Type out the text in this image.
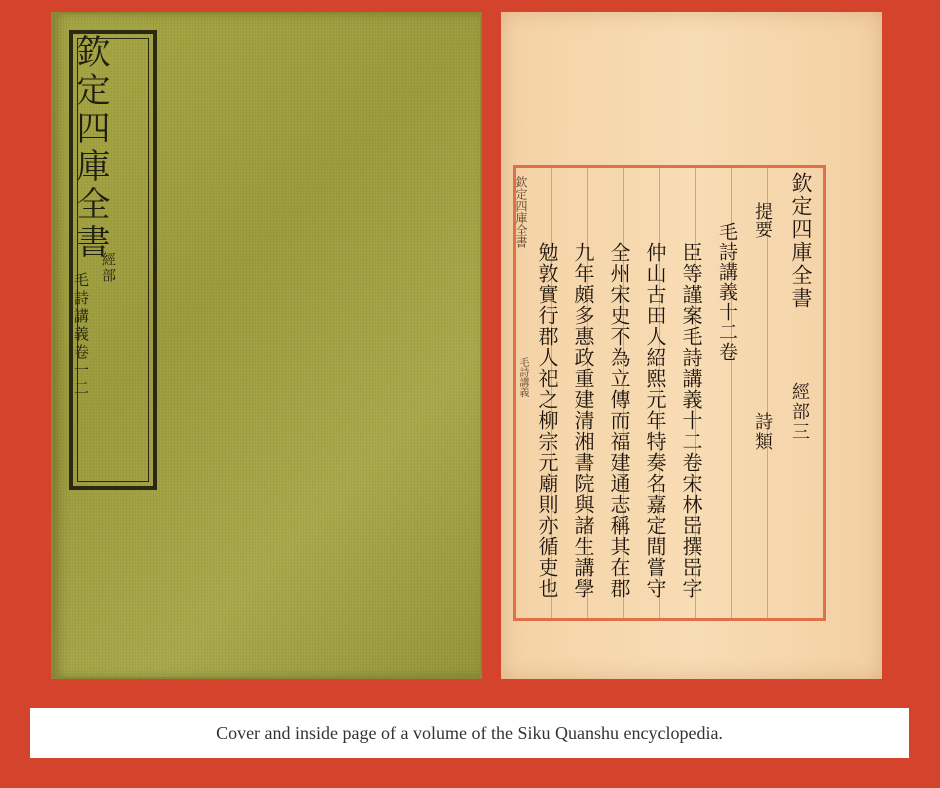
欽定四庫全書
經部
毛詩講義卷一二
欽定四庫全書
經部三
提要
詩類
毛詩講義十二卷
臣等謹案毛詩講義十二卷宋林岊撰岊字
仲山古田人紹熙元年特奏名嘉定間嘗守
全州宋史不為立傳而福建通志稱其在郡
九年頗多惠政重建清湘書院與諸生講學
勉敦實行郡人祀之柳宗元廟則亦循吏也
欽定四庫全書
毛詩講義
Cover and inside page of a volume of the Siku Quanshu encyclopedia.
